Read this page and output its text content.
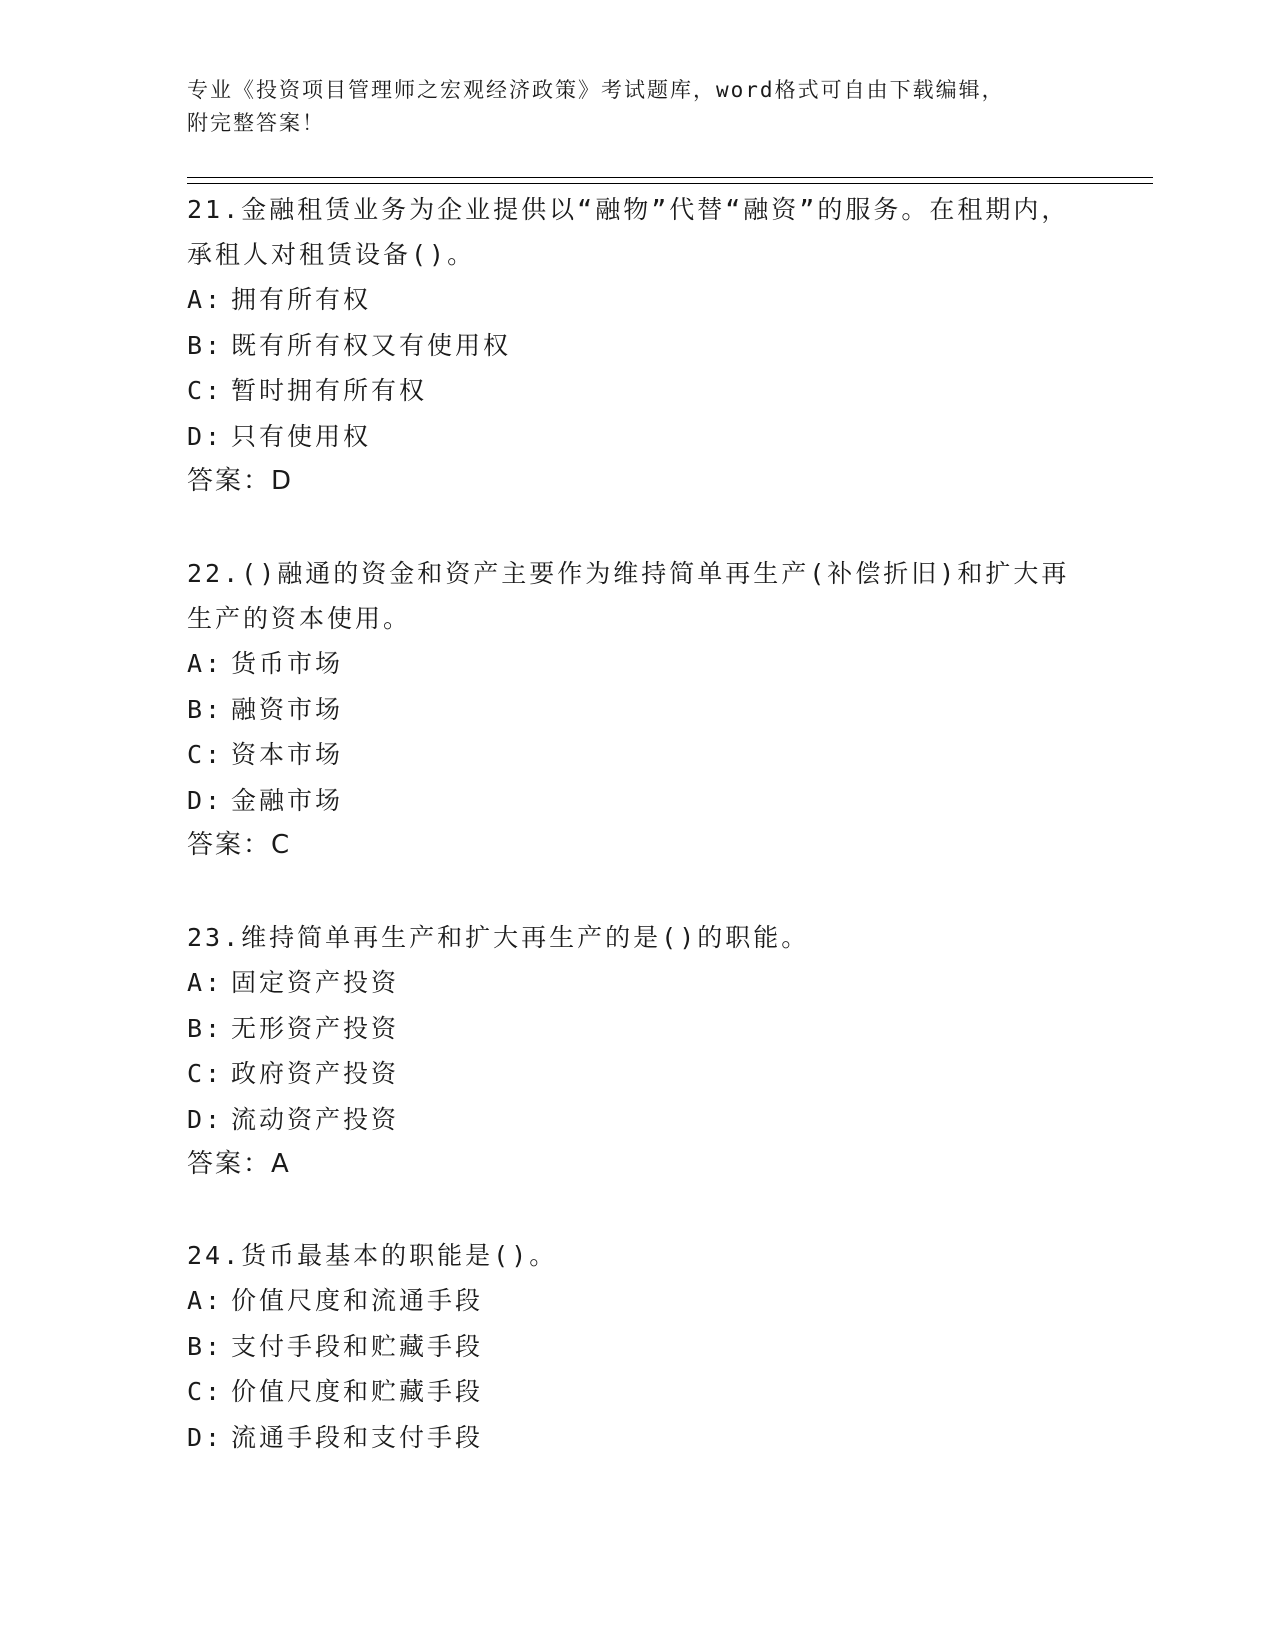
专业《投资项目管理师之宏观经济政策》考试题库，word格式可自由下载编辑，
附完整答案！

21.金融租赁业务为企业提供以“融物”代替“融资”的服务。在租期内，承租人对租赁设备()。

A: 拥有所有权
B: 既有所有权又有使用权
C: 暂时拥有所有权
D: 只有使用权
答案：D

22.()融通的资金和资产主要作为维持简单再生产(补偿折旧)和扩大再生产的资本使用。

A: 货币市场
B: 融资市场
C: 资本市场
D: 金融市场
答案：C

23.维持简单再生产和扩大再生产的是()的职能。

A: 固定资产投资
B: 无形资产投资
C: 政府资产投资
D: 流动资产投资
答案：A

24.货币最基本的职能是()。

A: 价值尺度和流通手段
B: 支付手段和贮藏手段
C: 价值尺度和贮藏手段
D: 流通手段和支付手段
